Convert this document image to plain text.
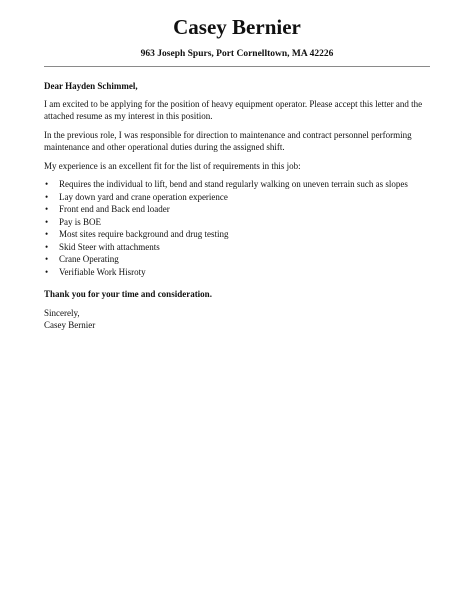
Casey Bernier
963 Joseph Spurs, Port Cornelltown, MA 42226

Dear Hayden Schimmel,

I am excited to be applying for the position of heavy equipment operator. Please accept this letter and the attached resume as my interest in this position.

In the previous role, I was responsible for direction to maintenance and contract personnel performing maintenance and other operational duties during the assigned shift.

My experience is an excellent fit for the list of requirements in this job:

• Requires the individual to lift, bend and stand regularly walking on uneven terrain such as slopes
• Lay down yard and crane operation experience
• Front end and Back end loader
• Pay is BOE
• Most sites require background and drug testing
• Skid Steer with attachments
• Crane Operating
• Verifiable Work Hisroty

Thank you for your time and consideration.

Sincerely,

Casey Bernier
